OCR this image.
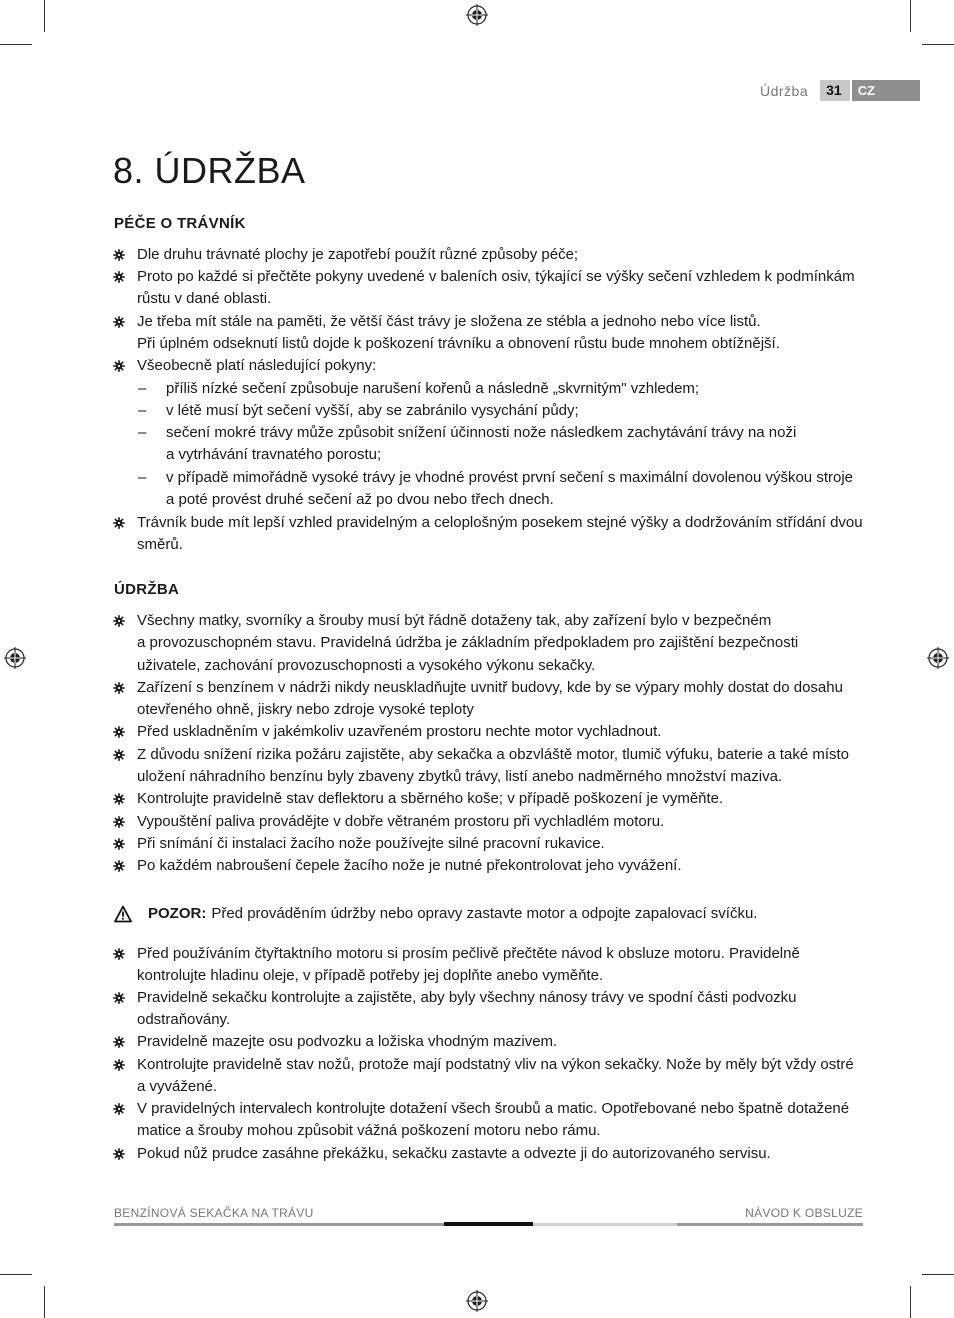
Údržba	31	CZ
8. ÚDRŽBA
PÉČE O TRÁVNÍK
Dle druhu trávnaté plochy je zapotřebí použít různé způsoby péče;
Proto po každé si přečtěte pokyny uvedené v baleních osiv, týkající se výšky sečení vzhledem k podmínkám
růstu v dané oblasti.
Je třeba mít stále na paměti, že větší část trávy je složena ze stébla a jednoho nebo více listů.
Při úplném odseknutí listů dojde k poškození trávníku a obnovení růstu bude mnohem obtížnější.
Všeobecně platí následující pokyny:
– příliš nízké sečení způsobuje narušení kořenů a následně „skvrnitým" vzhledem;
– v létě musí být sečení vyšší, aby se zabránilo vysychání půdy;
– sečení mokré trávy může způsobit snížení účinnosti nože následkem zachytávání trávy na noži
a vytrhávání travnatého porostu;
– v případě mimořádně vysoké trávy je vhodné provést první sečení s maximální dovolenou výškou stroje
a poté provést druhé sečení až po dvou nebo třech dnech.
Trávník bude mít lepší vzhled pravidelným a celoplošným posekem stejné výšky a dodržováním střídání dvou
směrů.
ÚDRŽBA
Všechny matky, svorníky a šrouby musí být řádně dotaženy tak, aby zařízení bylo v bezpečném
a provozuschopném stavu. Pravidelná údržba je základním předpokladem pro zajištění bezpečnosti
uživatele, zachování provozuschopnosti a vysokého výkonu sekačky.
Zařízení s benzínem v nádrži nikdy neuskladňujte uvnitř budovy, kde by se výpary mohly dostat do dosahu
otevřeného ohně, jiskry nebo zdroje vysoké teploty
Před uskladněním v jakémkoliv uzavřeném prostoru nechte motor vychladnout.
Z důvodu snížení rizika požáru zajistěte, aby sekačka a obzvláště motor, tlumič výfuku, baterie a také místo
uložení náhradního benzínu byly zbaveny zbytků trávy, listí anebo nadměrného množství maziva.
Kontrolujte pravidelně stav deflektoru a sběrného koše; v případě poškození je vyměňte.
Vypouštění paliva provádějte v dobře větraném prostoru při vychladlém motoru.
Při snímání či instalaci žacího nože používejte silné pracovní rukavice.
Po každém nabroušení čepele žacího nože je nutné překontrolovat jeho vyvážení.
POZOR: Před prováděním údržby nebo opravy zastavte motor a odpojte zapalovací svíčku.
Před používáním čtyřtaktního motoru si prosím pečlivě přečtěte návod k obsluze motoru. Pravidelně
kontrolujte hladinu oleje, v případě potřeby jej doplňte anebo vyměňte.
Pravidelně sekačku kontrolujte a zajistěte, aby byly všechny nánosy trávy ve spodní části podvozku
odstraňovány.
Pravidelně mazejte osu podvozku a ložiska vhodným mazivem.
Kontrolujte pravidelně stav nožů, protože mají podstatný vliv na výkon sekačky. Nože by měly být vždy ostré
a vyvážené.
V pravidelných intervalech kontrolujte dotažení všech šroubů a matic. Opotřebované nebo špatně dotažené
matice a šrouby mohou způsobit vážná poškození motoru nebo rámu.
Pokud nůž prudce zasáhne překážku, sekačku zastavte a odvezte ji do autorizovaného servisu.
BENZÍNOVÁ SEKAČKA NA TRÁVU	NÁVOD K OBSLUZE
